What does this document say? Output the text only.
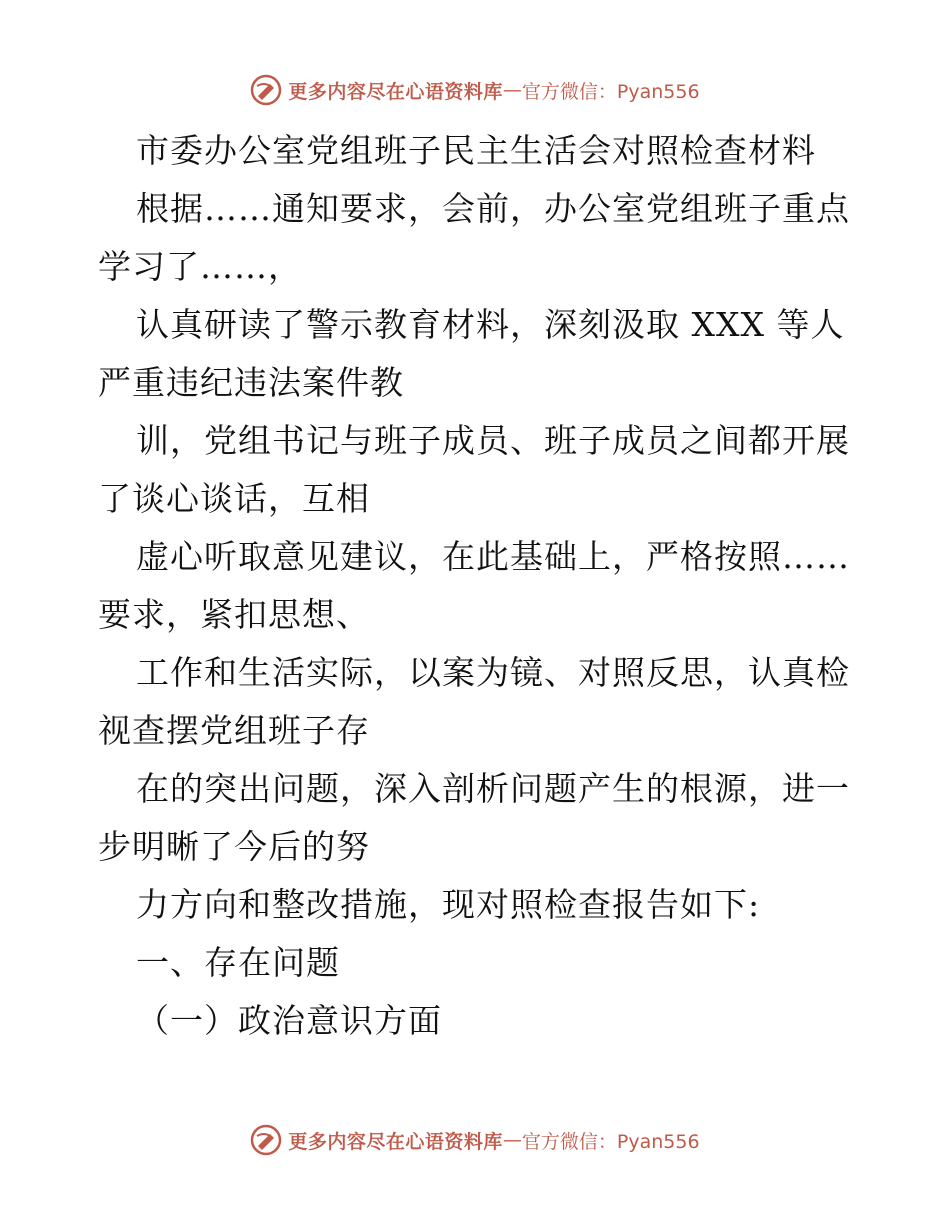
更多内容尽在心语资料库 — 官方微信：Pyan556
市委办公室党组班子民主生活会对照检查材料
根据……通知要求，会前，办公室党组班子重点
学习了……，
认真研读了警示教育材料，深刻汲取 XXX 等人
严重违纪违法案件教
训，党组书记与班子成员、班子成员之间都开展
了谈心谈话，互相
虚心听取意见建议，在此基础上，严格按照……
要求，紧扣思想、
工作和生活实际，以案为镜、对照反思，认真检
视查摆党组班子存
在的突出问题，深入剖析问题产生的根源，进一
步明晰了今后的努
力方向和整改措施，现对照检查报告如下:
一、存在问题
（一）政治意识方面
更多内容尽在心语资料库 — 官方微信：Pyan556
